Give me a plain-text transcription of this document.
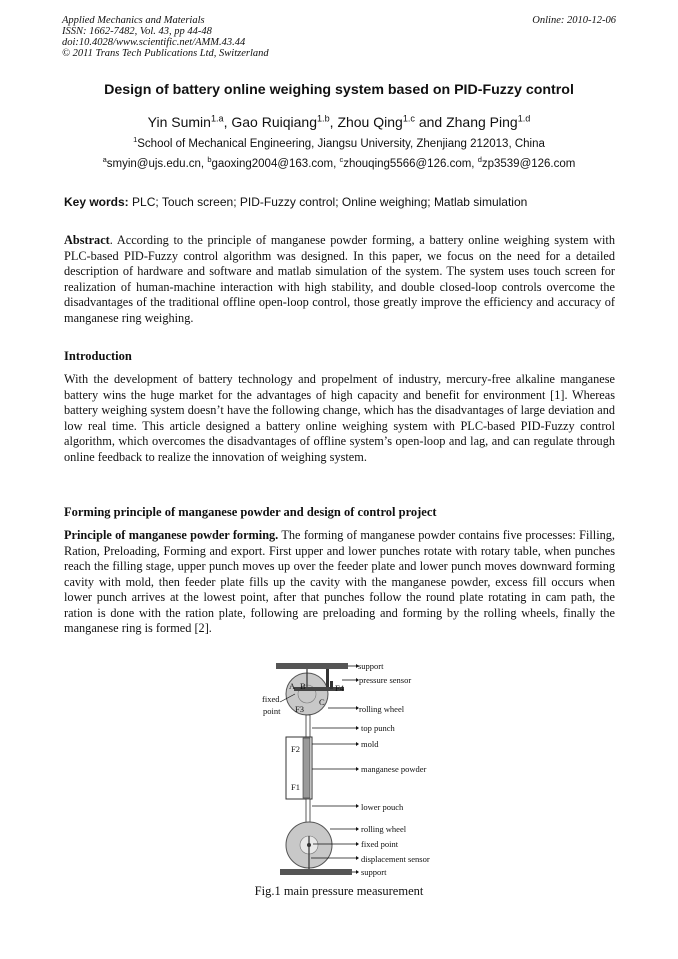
Applied Mechanics and Materials
ISSN: 1662-7482, Vol. 43, pp 44-48
doi:10.4028/www.scientific.net/AMM.43.44
© 2011 Trans Tech Publications Ltd, Switzerland
Online: 2010-12-06
Design of battery online weighing system based on PID-Fuzzy control
Yin Sumin$^{1.a}$, Gao Ruiqiang$^{1.b}$, Zhou Qing$^{1.c}$ and Zhang Ping$^{1.d}$
$^1$School of Mechanical Engineering, Jiangsu University, Zhenjiang 212013, China
$^a$smyin@ujs.edu.cn, $^b$gaoxing2004@163.com, $^c$zhouqing5566@126.com, $^d$zp3539@126.com
Key words: PLC; Touch screen; PID-Fuzzy control; Online weighing; Matlab simulation
Abstract. According to the principle of manganese powder forming, a battery online weighing system with PLC-based PID-Fuzzy control algorithm was designed. In this paper, we focus on the need for a detailed description of hardware and software and matlab simulation of the system. The system uses touch screen for realization of human-machine interaction with high stability, and double closed-loop controls overcome the disadvantages of the traditional offline open-loop control, those greatly improve the efficiency and accuracy of manganese ring weighing.
Introduction
With the development of battery technology and propelment of industry, mercury-free alkaline manganese battery wins the huge market for the advantages of high capacity and benefit for environment [1]. Whereas battery weighing system doesn’t have the following change, which has the disadvantages of large deviation and low real time. This article designed a battery online weighing system with PLC-based PID-Fuzzy control algorithm, which overcomes the disadvantages of offline system’s open-loop and lag, and can regulate through online feedback to realize the innovation of weighing system.
Forming principle of manganese powder and design of control project
Principle of manganese powder forming. The forming of manganese powder contains five processes: Filling, Ration, Preloading, Forming and export. First upper and lower punches rotate with rotary table, when punches reach the filling stage, upper punch moves up over the feeder plate and lower punch moves downward forming cavity with mold, then feeder plate fills up the cavity with the manganese powder, excess fill occurs when lower punch arrives at the lowest point, after that punches follow the round plate rotating in cam path, the ration is done with the ration plate, following are preloading and forming by the rolling wheels, finally the manganese ring is formed [2].
support
A B	F4
C
F3
pressure sensor
fixed
point	rolling wheel
top punch
F2
F1
mold
manganese powder
lower pouch
rolling wheel
fixed point
displacement sensor
support
Fig.1 main pressure measurement
